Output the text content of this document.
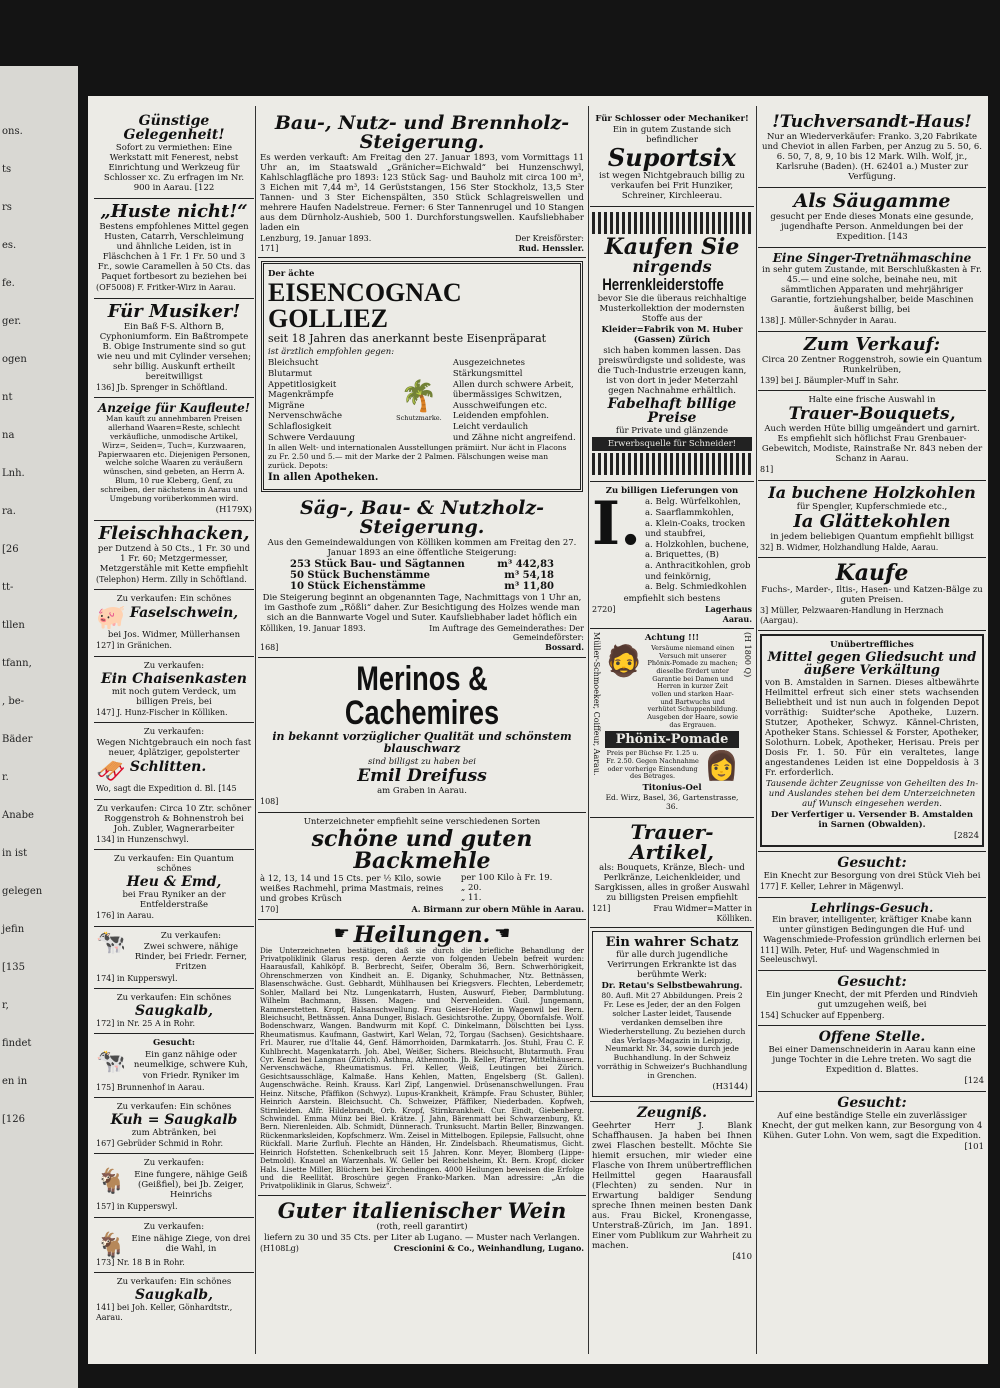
ons.
ts
rs
es.
fe.
ger.
ogen
nt
na
Lnh.
ra.
[26
tt-
tllen
tfann,
, be-
Bäder
r.
Anabe
in ist
gelegen
jefin
[135
r,
findet
en in
[126
Günstige Gelegenheit!
Sofort zu vermiethen: Eine Werkstatt mit Fenerest, nebst Einrichtung und Werkzeug für Schlosser xc. Zu erfragen im Nr. 900 in Aarau. [122
„Huste nicht!“
Bestens empfohlenes Mittel gegen Husten, Catarrh, Verschleimung und ähnliche Leiden, ist in Fläschchen à 1 Fr. 1 Fr. 50 und 3 Fr., sowie Caramellen à 50 Cts. das Paquet fortbesort zu beziehen bei
(OF5008) F. Fritker-Wirz in Aarau.
Für Musiker!
Ein Baß F-S. Althorn B, Cyphoniumform. Ein Baßtrompete B. Obige Instrumente sind so gut wie neu und mit Cylinder versehen; sehr billig. Auskunft ertheilt bereitwilligst
136] Jb. Sprenger in Schöftland.
Anzeige für Kaufleute!
Man kauft zu annehmbaren Preisen allerhand Waaren=Reste, schlecht verkäufliche, unmodische Artikel, Wirz=, Seiden=, Tuch=, Kurzwaaren, Papierwaaren etc. Diejenigen Personen, welche solche Waaren zu veräußern wünschen, sind gebeten, an Herrn A. Blum, 10 rue Kleberg, Genf, zu schreiben, der nächstens in Aarau und Umgebung vorüberkommen wird.
(H179X)
Fleischhacken,
per Dutzend à 50 Cts., 1 Fr. 30 und 1 Fr. 60; Metzgermesser, Metzgerstähle mit Kette empfiehlt
(Telephon) Herm. Zilly in Schöftland.
Zu verkaufen: Ein schönes
🐖 Faselschwein,
bei Jos. Widmer, Müllerhansen
127] in Gränichen.
Zu verkaufen:
Ein Chaisenkasten
mit noch gutem Verdeck, um billigen Preis, bei
147] J. Hunz-Fischer in Kölliken.
Zu verkaufen:
Wegen Nichtgebrauch ein noch fast neuer, 4plätziger, gepolsterter
🛷 Schlitten.
Wo, sagt die Expedition d. Bl. [145
Zu verkaufen: Circa 10 Ztr. schöner Roggenstroh & Bohnenstroh bei Joh. Zubler, Wagnerarbeiter
134] in Hunzenschwyl.
Zu verkaufen: Ein Quantum schönes
Heu & Emd,
bei Frau Ryniker an der Entfelderstraße
176] in Aarau.
🐄	Zu verkaufen:
Zwei schwere, nähige Rinder, bei Friedr. Ferner, Fritzen
174] in Kupperswyl.
Zu verkaufen: Ein schönes
Saugkalb,
172] in Nr. 25 A in Rohr.
Gesucht:
🐄	Ein ganz nähige oder neumelkige, schwere Kuh, von Friedr. Ryniker im
175] Brunnenhof in Aarau.
Zu verkaufen: Ein schönes
Kuh = Saugkalb
zum Abtränken, bei
167] Gebrüder Schmid in Rohr.
Zu verkaufen:
🐐 Eine fungere, nähige Geiß (Geißfiel), bei Jb. Zeiger, Heinrichs
157] in Kupperswyl.
Zu verkaufen:
🐐 Eine nähige Ziege, von drei die Wahl, in
173] Nr. 18 B in Rohr.
Zu verkaufen: Ein schönes
Saugkalb,
141] bei Joh. Keller, Gönhardtstr., Aarau.
Bau-, Nutz- und Brennholz-Steigerung.
Es werden verkauft: Am Freitag den 27. Januar 1893, vom Vormittags 11 Uhr an, im Staatswald „Gränicher=Eichwald“ bei Hunzenschwyl, Kahlschlagfläche pro 1893: 123 Stück Sag- und Bauholz mit circa 100 m³, 3 Eichen mit 7,44 m³, 14 Gerüststangen, 156 Ster Stockholz, 13,5 Ster Tannen- und 3 Ster Eichenspälten, 350 Stück Schlagreiswellen und mehrere Haufen Nadelstreue. Ferner: 6 Ster Tannenrugel und 10 Stangen aus dem Dürnholz-Aushieb, 500 1. Durchforstungswellen. Kaufsliebhaber laden ein
Lenzburg, 19. Januar 1893.	Der Kreisförster:
171]	Rud. Henssler.
Der ächte
EISENCOGNAC GOLLIEZ
seit 18 Jahren das anerkannt beste Eisenpräparat
ist ärztlich empfohlen gegen:
Bleichsucht
Blutarmut
Appetitlosigkeit
Magenkrämpfe
Migräne
Nervenschwäche
Schlaflosigkeit
Schwere Verdauung
🌴
Schutzmarke.
Ausgezeichnetes
Stärkungsmittel
Allen durch schwere Arbeit,
übermässiges Schwitzen,
Ausschweifungen etc.
Leidenden empfohlen.
Leicht verdaulich
und Zähne nicht angreifend.
In allen Welt- und internationalen Ausstellungen prämiirt. Nur ächt in Flacons zu Fr. 2.50 und 5.— mit der Marke der 2 Palmen. Fälschungen weise man zurück. Depots:
In allen Apotheken.
Säg-, Bau- & Nutzholz-Steigerung.
Aus den Gemeindewaldungen von Kölliken kommen am Freitag den 27. Januar 1893 an eine öffentliche Steigerung:
253 Stück Bau- und Sägtannen	m³ 442,83
50 Stück Buchenstämme	m³ 54,18
10 Stück Eichenstämme	m³ 11,80
Die Steigerung beginnt an obgenannten Tage, Nachmittags von 1 Uhr an, im Gasthofe zum „Rößli“ daher. Zur Besichtigung des Holzes wende man sich an die Bannwarte Vogel und Suter. Kaufsliebhaber ladet höflich ein
Kölliken, 19. Januar 1893.	Im Auftrage des Gemeinderathes: Der Gemeindeförster:
168]	Bossard.
Merinos & Cachemires
in bekannt vorzüglicher Qualität und schönstem blauschwarz
sind billigst zu haben bei
Emil Dreifuss
am Graben in Aarau.
108]
Unterzeichneter empfiehlt seine verschiedenen Sorten
schöne und guten Backmehle
à 12, 13, 14 und 15 Cts. per ½ Kilo, sowie weißes Rachmehl, prima Mastmais, reines und grobes Krüsch
per 100 Kilo à Fr. 19.
„ 20.
„ 11.
170]	A. Birmann zur obern Mühle in Aarau.
☛ Heilungen. ☚
Die Unterzeichneten bestätigen, daß sie durch die briefliche Behandlung der Privatpoliklinik Glarus resp. deren Aerzte von folgenden Uebeln befreit wurden: Haarausfall, Kahlköpf. B. Berbrecht, Seifer, Oberalm 36, Bern. Schwerhörigkeit, Ohrenschmerzen von Kindheit an. E. Diganky, Schuhmacher, Ntz. Bettnässen, Blasenschwäche. Gust. Gebhardt, Mühlhausen bei Kriegsvers. Flechten, Leberdemetr, Sohler, Mallard bei Ntz. Lungenkatarrh, Husten, Auswurf, Fieber, Darmblutung. Wilhelm Bachmann, Bissen. Magen- und Nervenleiden. Guil. Jungemann, Rammerstetten. Kropf, Halsanschwellung. Frau Geiser-Hofer in Wagenwil bei Bern. Bleichsucht, Bettnässen. Anna Dunger, Bislach. Gesichtsrothe. Zuppy, Obornfalsfe. Wolf. Bodenschwarz, Wangen. Bandwurm mit Kopf. C. Dinkelmann, Dölschtten bei Lyss. Rheumatismus. Kaufmann, Gastwirt, Karl Welan, 72, Torgau (Sachsen). Gesichtshaare. Frl. Maurer, rue d'Italie 44, Genf. Hämorrhoiden, Darmkatarrh. Jos. Stuhl, Frau C. F. Kuhlbrecht. Magenkatarrh. Joh. Abel, Weißer, Sichers. Bleichsucht, Blutarmuth. Frau Cyr. Kenzi bei Langnau (Zürich). Asthma, Athemnoth. Jb. Keller, Pfarrer, Mittelhäusern. Nervenschwäche, Rheumatismus. Frl. Keller, Weiß, Leutingen bei Zürich. Gesichtsausschläge, Kalmaße. Hans Kehlen, Matten, Engelsberg (St. Gallen). Augenschwäche. Reinh. Krauss. Karl Zipf, Langenwiel. Drüsenanschwellungen. Frau Heinz. Nitsche, Pfäffikon (Schwyz). Lupus-Krankheit, Krämpfe. Frau Schuster, Bühler, Heinrich Aarstein. Bleichsucht. Ch. Schweizer, Pfäffiker, Niederbaden. Kopfweh, Stirnleiden. Alfr. Hildebrandt, Orb. Kropf, Stirnkrankheit. Cur. Eindt, Giebenberg. Schwindel. Emma Münz bei Biel. Krätze. J. Jahn, Bärenmatt bei Schwarzenburg, Kt. Bern. Nierenleiden. Alb. Schmidt, Dünnerach. Trunksucht. Martin Beller, Binzwangen. Rückenmarksleiden, Kopfschmerz. Wm. Zeisel in Mittelbogen. Epilepsie, Fallsucht, ohne Rückfall. Marie Zurfluh. Flechte an Händen, Hr. Zindelsbach. Rheumatismus, Gicht. Heinrich Hofstetten. Schenkelbruch seit 15 Jahren. Konr. Meyer, Blomberg (Lippe-Detmold). Knauel an Warzenhals. W. Geller bei Reichelsheim, Kt. Bern. Kropf, dicker Hals. Lisette Miller, Blüchern bei Kirchendingen. 4000 Heilungen beweisen die Erfolge und die Reellität. Broschüre gegen Franko-Marken. Man adressire: „An die Privatpoliklinik in Glarus, Schweiz“.
Guter italienischer Wein
(roth, reell garantirt)
liefern zu 30 und 35 Cts. per Liter ab Lugano. — Muster nach Verlangen.
(H108Lg)	Crescionini & Co., Weinhandlung, Lugano.
Für Schlosser oder Mechaniker!
Ein in gutem Zustande sich befindlicher
Suportsix
ist wegen Nichtgebrauch billig zu verkaufen bei Frit Hunziker, Schreiner, Kirchleerau.
Kaufen Sie
nirgends
Herrenkleiderstoffe
bevor Sie die überaus reichhaltige Musterkollektion der modernsten Stoffe aus der
Kleider=Fabrik von M. Huber (Gassen) Zürich
sich haben kommen lassen. Das preiswürdigste und solideste, was die Tuch-Industrie erzeugen kann, ist von dort in jeder Meterzahl gegen Nachnahme erhältlich.
Fabelhaft billige Preise
für Private und glänzende
Erwerbsquelle für Schneider!
Zu billigen Lieferungen von
I. a. Belg. Würfelkohlen,
a. Saarflammkohlen,
a. Klein-Coaks, trocken und staubfrei,
a. Holzkohlen, buchene,
a. Briquettes, (B)
a. Anthracitkohlen, grob und feinkörnig,
a. Belg. Schmiedkohlen
empfiehlt sich bestens
2720]	Lagerhaus Aarau.
Müller-Schmoeker, Coiffeur, Aarau.	Achtung !!!
🧔	Versäume niemand einen Versuch mit unserer Phönix-Pomade zu machen; dieselbe fördert unter Garantie bei Damen und Herren in kurzer Zeit vollen und starken Haar- und Bartwuchs und verhütet Schuppenbildung. Ausgeben der Haare, sowie das Ergrauen.
Phönix-Pomade
Preis per Büchse Fr. 1.25 u. Fr. 2.50. Gegen Nachnahme oder vorherige Einsendung des Betrages.	👩
Titonius-Oel
Ed. Wirz, Basel, 36, Gartenstrasse, 36.
(H 1800 Q)
Trauer-Artikel,
als: Bouquets, Kränze, Blech- und Perlkränze, Leichenkleider, und Sargkissen, alles in großer Auswahl zu billigsten Preisen empfiehlt
121]	Frau Widmer=Matter in Kölliken.
Ein wahrer Schatz
für alle durch jugendliche Verirrungen Erkrankte ist das berühmte Werk:
Dr. Retau's Selbstbewahrung.
80. Aufl. Mit 27 Abbildungen. Preis 2 Fr. Lese es Jeder, der an den Folgen solcher Laster leidet, Tausende verdanken demselben ihre Wiederherstellung. Zu beziehen durch das Verlags-Magazin in Leipzig, Neumarkt Nr. 34, sowie durch jede Buchhandlung. In der Schweiz vorräthig in Schweizer's Buchhandlung in Grenchen.
(H3144)
Zeugniß.
Geehrter Herr J. Blank Schaffhausen. Ja haben bei Ihnen zwei Flaschen bestellt. Möchte Sie hiemit ersuchen, mir wieder eine Flasche von Ihrem unübertrefflichen Heilmittel gegen Haarausfall (Flechten) zu senden. Nur in Erwartung baldiger Sendung spreche Ihnen meinen besten Dank aus. Frau Bickel, Kronengasse, Unterstraß-Zürich, im Jan. 1891. Einer vom Publikum zur Wahrheit zu machen.
[410
!Tuchversandt-Haus!
Nur an Wiederverkäufer: Franko. 3,20 Fabrikate und Cheviot in allen Farben, per Anzug zu 5. 50, 6. 6. 50, 7, 8, 9, 10 bis 12 Mark. Wilh. Wolf, jr., Karlsruhe (Baden). (H. 62401 a.) Muster zur Verfügung.
Als Säugamme
gesucht per Ende dieses Monats eine gesunde, jugendhafte Person. Anmeldungen bei der Expedition. [143
Eine Singer-Tretnähmaschine
in sehr gutem Zustande, mit Berschlußkasten à Fr. 45.— und eine solche, beinahe neu, mit sämmtlichen Apparaten und mehrjähriger Garantie, fortziehungshalber, beide Maschinen äußerst billig, bei
138] J. Müller-Schnyder in Aarau.
Zum Verkauf:
Circa 20 Zentner Roggenstroh, sowie ein Quantum Runkelrüben,
139] bei J. Bäumpler-Muff in Sahr.
Halte eine frische Auswahl in
Trauer-Bouquets,
Auch werden Hüte billig umgeändert und garnirt. Es empfiehlt sich höflichst Frau Grenbauer-Gebewitch, Modiste, Rainstraße Nr. 843 neben der Schanz in Aarau.
81]
Ia buchene Holzkohlen
für Spengler, Kupferschmiede etc.,
Ia Glättekohlen
in jedem beliebigen Quantum empfiehlt billigst
32] B. Widmer, Holzhandlung Halde, Aarau.
Kaufe
Fuchs-, Marder-, Iltis-, Hasen- und Katzen-Bälge zu guten Preisen.
3] Müller, Pelzwaaren-Handlung in Herznach (Aargau).
Unübertreffliches
Mittel gegen Gliedsucht und äußere Verkältung
von B. Amstalden in Sarnen. Dieses altbewährte Heilmittel erfreut sich einer stets wachsenden Beliebtheit und ist nun auch in folgenden Depot vorräthig: Suidter'sche Apotheke, Luzern. Stutzer, Apotheker, Schwyz. Kännel-Christen, Apotheker Stans. Schiessel & Forster, Apotheker, Solothurn. Lobek, Apotheker, Herisau. Preis per Dosis Fr. 1. 50. Für ein veraltetes, lange angestandenes Leiden ist eine Doppeldosis à 3 Fr. erforderlich.
Tausende ächter Zeugnisse von Geheilten des In- und Auslandes stehen bei dem Unterzeichneten auf Wunsch eingesehen werden.
Der Verfertiger u. Versender B. Amstalden in Sarnen (Obwalden).
[2824
Gesucht:
Ein Knecht zur Besorgung von drei Stück Vieh bei
177] F. Keller, Lehrer in Mägenwyl.
Lehrlings-Gesuch.
Ein braver, intelligenter, kräftiger Knabe kann unter günstigen Bedingungen die Huf- und Wagenschmiede-Profession gründlich erlernen bei
111] Wilh. Peter, Huf- und Wagenschmied in Seeleuschwyl.
Gesucht:
Ein junger Knecht, der mit Pferden und Rindvieh gut umzugehen weiß, bei
154] Schucker auf Eppenberg.
Offene Stelle.
Bei einer Damenschneiderin in Aarau kann eine junge Tochter in die Lehre treten. Wo sagt die Expedition d. Blattes.
[124
Gesucht:
Auf eine beständige Stelle ein zuverlässiger Knecht, der gut melken kann, zur Besorgung von 4 Kühen. Guter Lohn. Von wem, sagt die Expedition.
[101
